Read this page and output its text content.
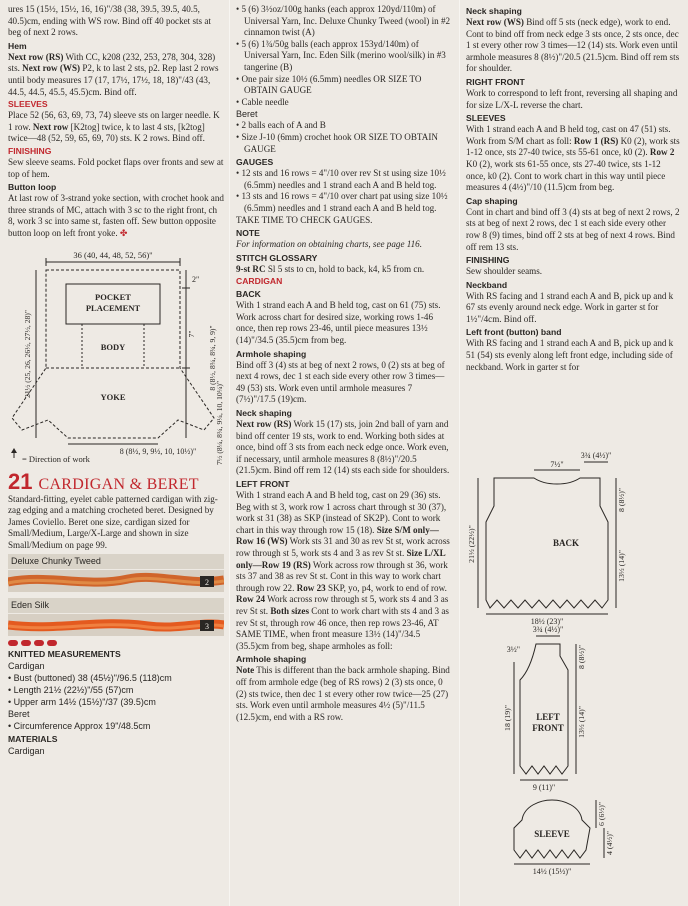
ures 15 (15½, 15½, 16, 16)"/38 (38, 39.5, 39.5, 40.5, 40.5)cm, ending with WS row. Bind off 40 pocket sts at beg of next 2 rows.

Hem

Next row (RS) With CC, k208 (232, 253, 278, 304, 328) sts. Next row (WS) P2, k to last 2 sts, p2. Rep last 2 rows until body measures 17 (17, 17½, 17½, 18, 18)"/43 (43, 44.5, 44.5, 45.5, 45.5)cm. Bind off.

SLEEVES

Place 52 (56, 63, 69, 73, 74) sleeve sts on larger needle. K 1 row. Next row [K2tog] twice, k to last 4 sts, [k2tog] twice—48 (52, 59, 65, 69, 70) sts. K 2 rows. Bind off.

FINISHING

Sew sleeve seams. Fold pocket flaps over fronts and sew at top of hem.

Button loop

At last row of 3-strand yoke section, with crochet hook and three strands of MC, attach with 3 sc to the right front, ch 8, work 3 sc into same st, fasten off. Sew button opposite button loop on left front yoke. ✤

36 (40, 44, 48, 52, 56)"
POCKET
PLACEMENT
BODY
YOKE
2"
21½ (25, 26, 26½, 27½, 28)"	7" 8 (8½, 8¾, 8¾, 9, 9)"
7½ (8¼, 8¾, 9¼, 10, 10¼)"
8 (8½, 9, 9½, 10, 10½)"
= Direction of work
21 CARDIGAN & BERET

Standard-fitting, eyelet cable patterned cardigan with zig-zag edging and a matching crocheted beret. Designed by James Coviello. Beret one size, cardigan sized for Small/Medium, Large/X-Large and shown in size Small/Medium on page 99.

Deluxe Chunky Tweed
2
Eden Silk
3
KNITTED MEASUREMENTS
Cardigan
• Bust (buttoned) 38 (45½)"/96.5 (118)cm
• Length 21½ (22½)"/55 (57)cm
• Upper arm 14½ (15½)"/37 (39.5)cm
Beret
• Circumference Approx 19"/48.5cm
MATERIALS
Cardigan

• 5 (6) 3½oz/100g hanks (each approx 120yd/110m) of Universal Yarn, Inc. Deluxe Chunky Tweed (wool) in #2 cinnamon twist (A)

• 5 (6) 1¾/50g balls (each approx 153yd/140m) of Universal Yarn, Inc. Eden Silk (merino wool/silk) in #3 tangerine (B)

• One pair size 10½ (6.5mm) needles OR SIZE TO OBTAIN GAUGE

• Cable needle

Beret

• 2 balls each of A and B

• Size J-10 (6mm) crochet hook OR SIZE TO OBTAIN GAUGE

GAUGES

• 12 sts and 16 rows = 4"/10 over rev St st using size 10½ (6.5mm) needles and 1 strand each A and B held tog.

• 13 sts and 16 rows = 4"/10 over chart pat using size 10½ (6.5mm) needles and 1 strand each A and B held tog.

TAKE TIME TO CHECK GAUGES.

NOTE

For information on obtaining charts, see page 116.

STITCH GLOSSARY

9-st RC Sl 5 sts to cn, hold to back, k4, k5 from cn.

CARDIGAN
BACK

With 1 strand each A and B held tog, cast on 61 (75) sts. Work across chart for desired size, working rows 1-46 once, then rep rows 23-46, until piece measures 13½ (14)"/34.5 (35.5)cm from beg.

Armhole shaping

Bind off 3 (4) sts at beg of next 2 rows, 0 (2) sts at beg of next 4 rows, dec 1 st each side every other row 3 times—49 (53) sts. Work even until armhole measures 7 (7½)"/17.5 (19)cm.

Neck shaping

Next row (RS) Work 15 (17) sts, join 2nd ball of yarn and bind off center 19 sts, work to end. Working both sides at once, bind off 3 sts from each neck edge once. Work even, if necessary, until armhole measures 8 (8½)"/20.5 (21.5)cm. Bind off rem 12 (14) sts each side for shoulders.

LEFT FRONT

With 1 strand each A and B held tog, cast on 29 (36) sts. Beg with st 3, work row 1 across chart through st 30 (37), work st 31 (38) as SKP (instead of SK2P). Cont to work chart in this way through row 15 (18). Size S/M only—Row 16 (WS) Work sts 31 and 30 as rev St st, work across row through st 5, work sts 4 and 3 as rev St st. Size L/XL only—Row 19 (RS) Work across row through st 36, work sts 37 and 38 as rev St st. Cont in this way to work chart through row 22. Row 23 SKP, yo, p4, work to end of row. Row 24 Work across row through st 5, work sts 4 and 3 as rev St st. Both sizes Cont to work chart with sts 4 and 3 as rev St st, through row 46 once, then rep rows 23-46, AT SAME TIME, when front measure 13½ (14)"/34.5 (35.5)cm from beg, shape armholes as foll:

Armhole shaping

Note This is different than the back armhole shaping. Bind off from armhole edge (beg of RS rows) 2 (3) sts once, 0 (2) sts twice, then dec 1 st every other row twice—25 (27) sts. Work even until armhole measures 4½ (5)"/11.5 (12.5)cm, end with a RS row.

Neck shaping

Next row (WS) Bind off 5 sts (neck edge), work to end. Cont to bind off from neck edge 3 sts once, 2 sts once, dec 1 st every other row 3 times—12 (14) sts. Work even until armhole measures 8 (8½)"/20.5 (21.5)cm. Bind off rem sts for shoulder.

RIGHT FRONT

Work to correspond to left front, reversing all shaping and for size L/X-L reverse the chart.

SLEEVES

With 1 strand each A and B held tog, cast on 47 (51) sts. Work from S/M chart as foll: Row 1 (RS) K0 (2), work sts 1-12 once, sts 27-40 twice, sts 55-61 once, k0 (2). Row 2 K0 (2), work sts 61-55 once, sts 27-40 twice, sts 1-12 once, k0 (2). Cont to work chart in this way until piece measures 4 (4½)"/10 (11.5)cm from beg.

Cap shaping

Cont in chart and bind off 3 (4) sts at beg of next 2 rows, 2 sts at beg of next 2 rows, dec 1 st each side every other row 8 (9) times, bind off 2 sts at beg of next 4 rows. Bind off rem 13 sts.

FINISHING

Sew shoulder seams.

Neckband

With RS facing and 1 strand each A and B, pick up and k 67 sts evenly around neck edge. Work in garter st for 1½"/4cm. Bind off.

Left front (button) band

With RS facing and 1 strand each A and B, pick up and k 51 (54) sts evenly along left front edge, including side of neckband. Work in garter st for

BACK
3¾ (4½)"
7½"
21½ (22½)"
8 (8½)"
13½ (14)"
18½ (23)"
LEFT
FRONT
3¾ (4½)"
3½"
18 (19)"
8 (8½)"
13½ (14)"
9 (11)"
SLEEVE
6 (6½)"
4 (4½)"
14½ (15½)"
